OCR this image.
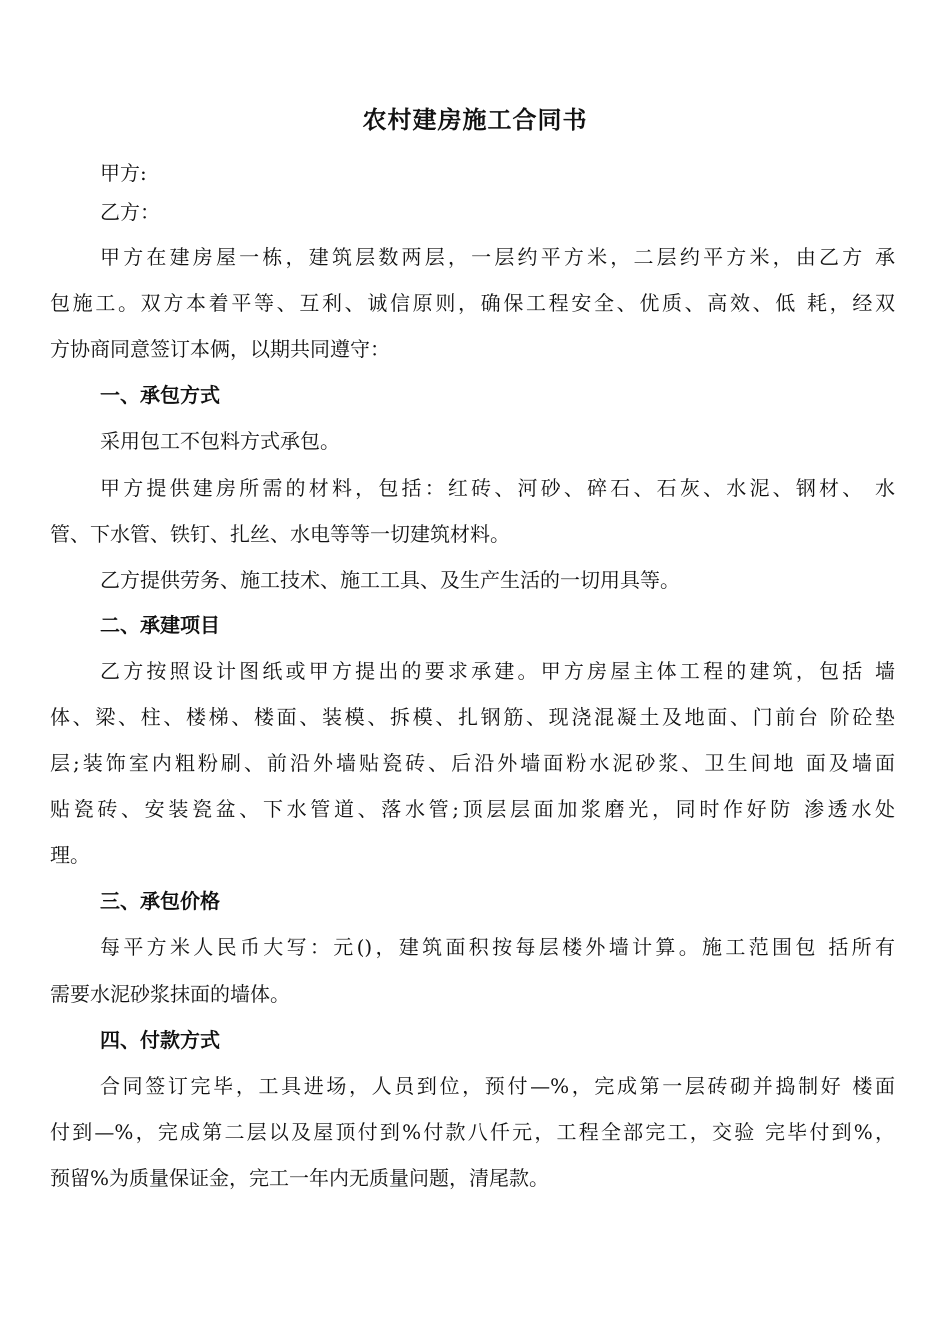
农村建房施工合同书
甲方:
乙方：
甲方在建房屋一栋，建筑层数两层，一层约平方米，二层约平方米，由乙方 承
包施工。双方本着平等、互利、诚信原则，确保工程安全、优质、高效、低 耗，经双
方协商同意签订本俩，以期共同遵守：
一、承包方式
采用包工不包料方式承包。
甲方提供建房所需的材料，包括：红砖、河砂、碎石、石灰、水泥、钢材、 水
管、下水管、铁钉、扎丝、水电等等一切建筑材料。
乙方提供劳务、施工技术、施工工具、及生产生活的一切用具等。
二、承建项目
乙方按照设计图纸或甲方提出的要求承建。甲方房屋主体工程的建筑，包括 墙
体、梁、柱、楼梯、楼面、装模、拆模、扎钢筋、现浇混凝土及地面、门前台 阶砼垫
层;装饰室内粗粉刷、前沿外墙贴瓷砖、后沿外墙面粉水泥砂浆、卫生间地 面及墙面
贴瓷砖、安装瓷盆、下水管道、落水管;顶层层面加浆磨光，同时作好防 渗透水处
理。
三、承包价格
每平方米人民币大写：元()，建筑面积按每层楼外墙计算。施工范围包 括所有
需要水泥砂浆抹面的墙体。
四、付款方式
合同签订完毕，工具进场，人员到位，预付—%，完成第一层砖砌并捣制好 楼面
付到—%，完成第二层以及屋顶付到%付款八仟元，工程全部完工，交验 完毕付到%，
预留%为质量保证金，完工一年内无质量问题，清尾款。
